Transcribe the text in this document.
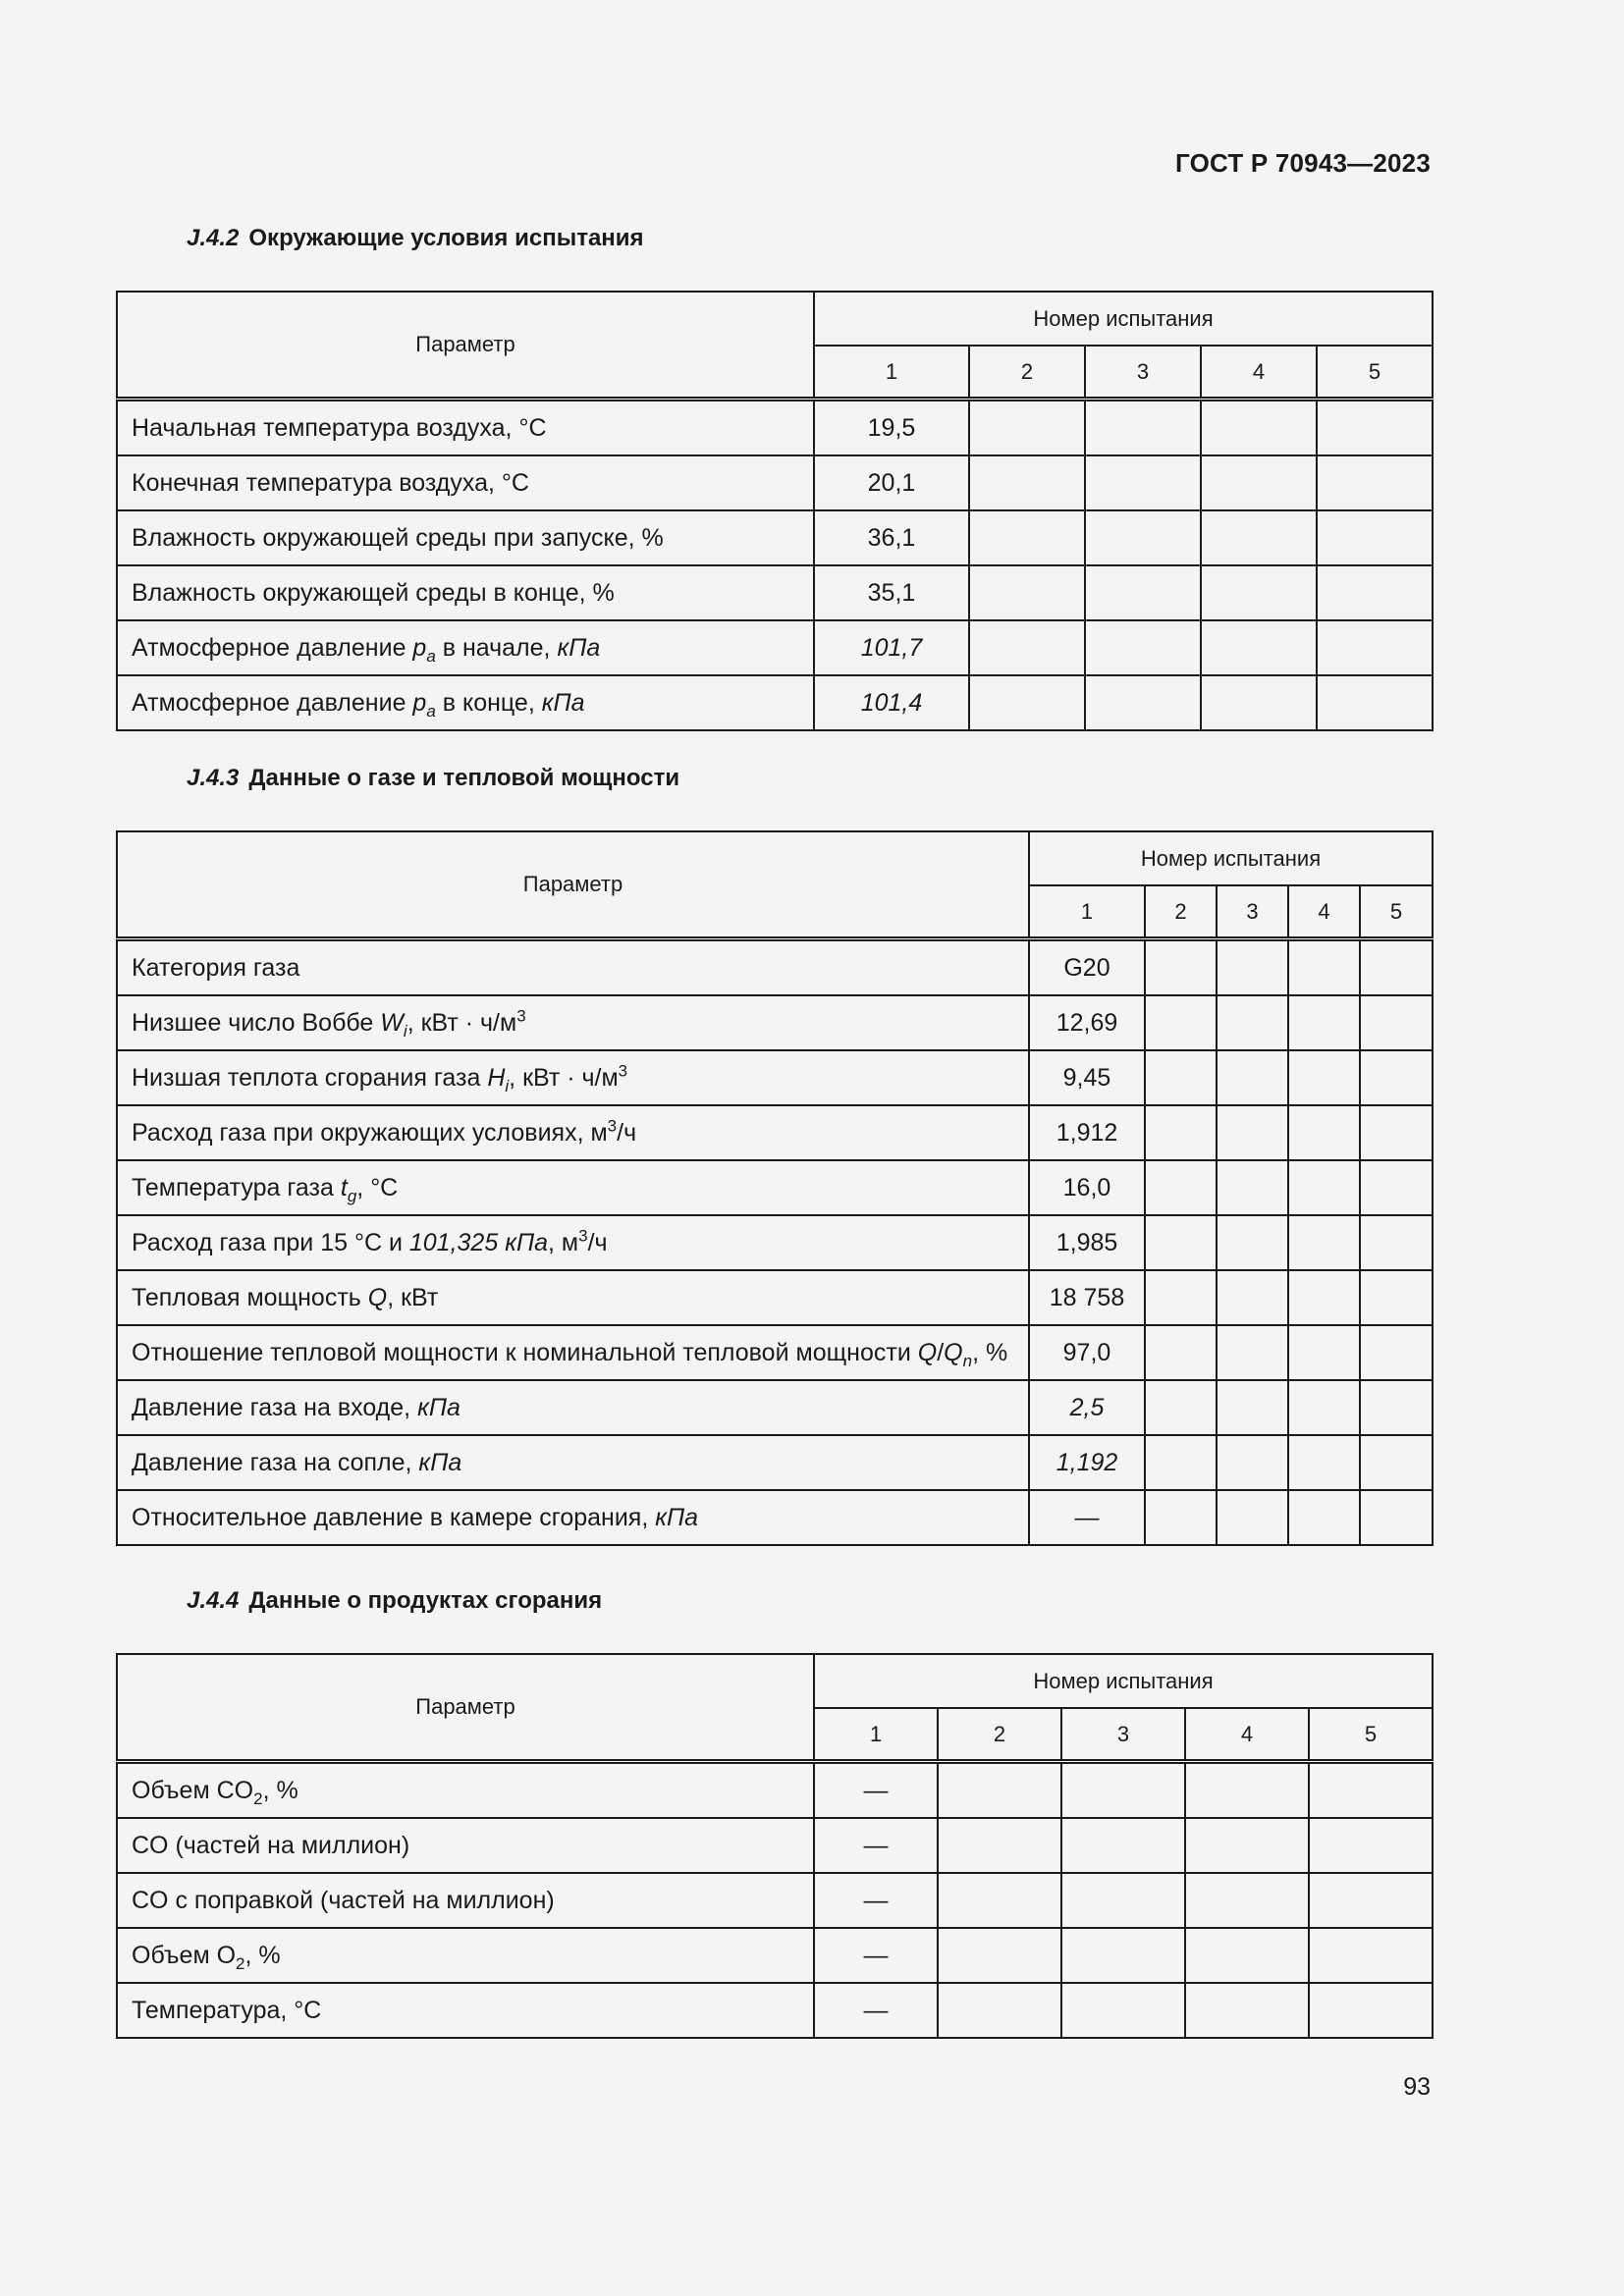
ГОСТ Р 70943—2023
J.4.2 Окружающие условия испытания
Параметр	Номер испытания				
	1	2	3	4	5
Начальная температура воздуха, °С	19,5				
Конечная температура воздуха, °С	20,1				
Влажность окружающей среды при запуске, %	36,1				
Влажность окружающей среды в конце, %	35,1				
Атмосферное давление $p_a$ в начале, кПа	101,7				
Атмосферное давление $p_a$ в конце, кПа	101,4				
J.4.3 Данные о газе и тепловой мощности
Параметр	Номер испытания				
	1	2	3	4	5
Категория газа	G20				
Низшее число Воббе $W_i$, кВт · $ч/м^3$	12,69				
Низшая теплота сгорания газа $H_i$, кВт · $ч/м^3$	9,45				
Расход газа при окружающих условиях, $м^3/ч$	1,912				
Температура газа $t_g$, °С	16,0				
Расход газа при 15 °С и 101,325 кПа, $м^3/ч$	1,985				
Тепловая мощность Q, кВт	18 758				
Отношение тепловой мощности к номинальной тепловой мощности $Q/Q_n$, %	97,0				
Давление газа на входе, кПа	2,5				
Давление газа на сопле, кПа	1,192				
Относительное давление в камере сгорания, кПа	—				
J.4.4 Данные о продуктах сгорания
Параметр	Номер испытания				
	1	2	3	4	5
Объем $CO_2$, %	—				
CO (частей на миллион)	—				
CO с поправкой (частей на миллион)	—				
Объем $O_2$, %	—				
Температура, °С	—				
93
